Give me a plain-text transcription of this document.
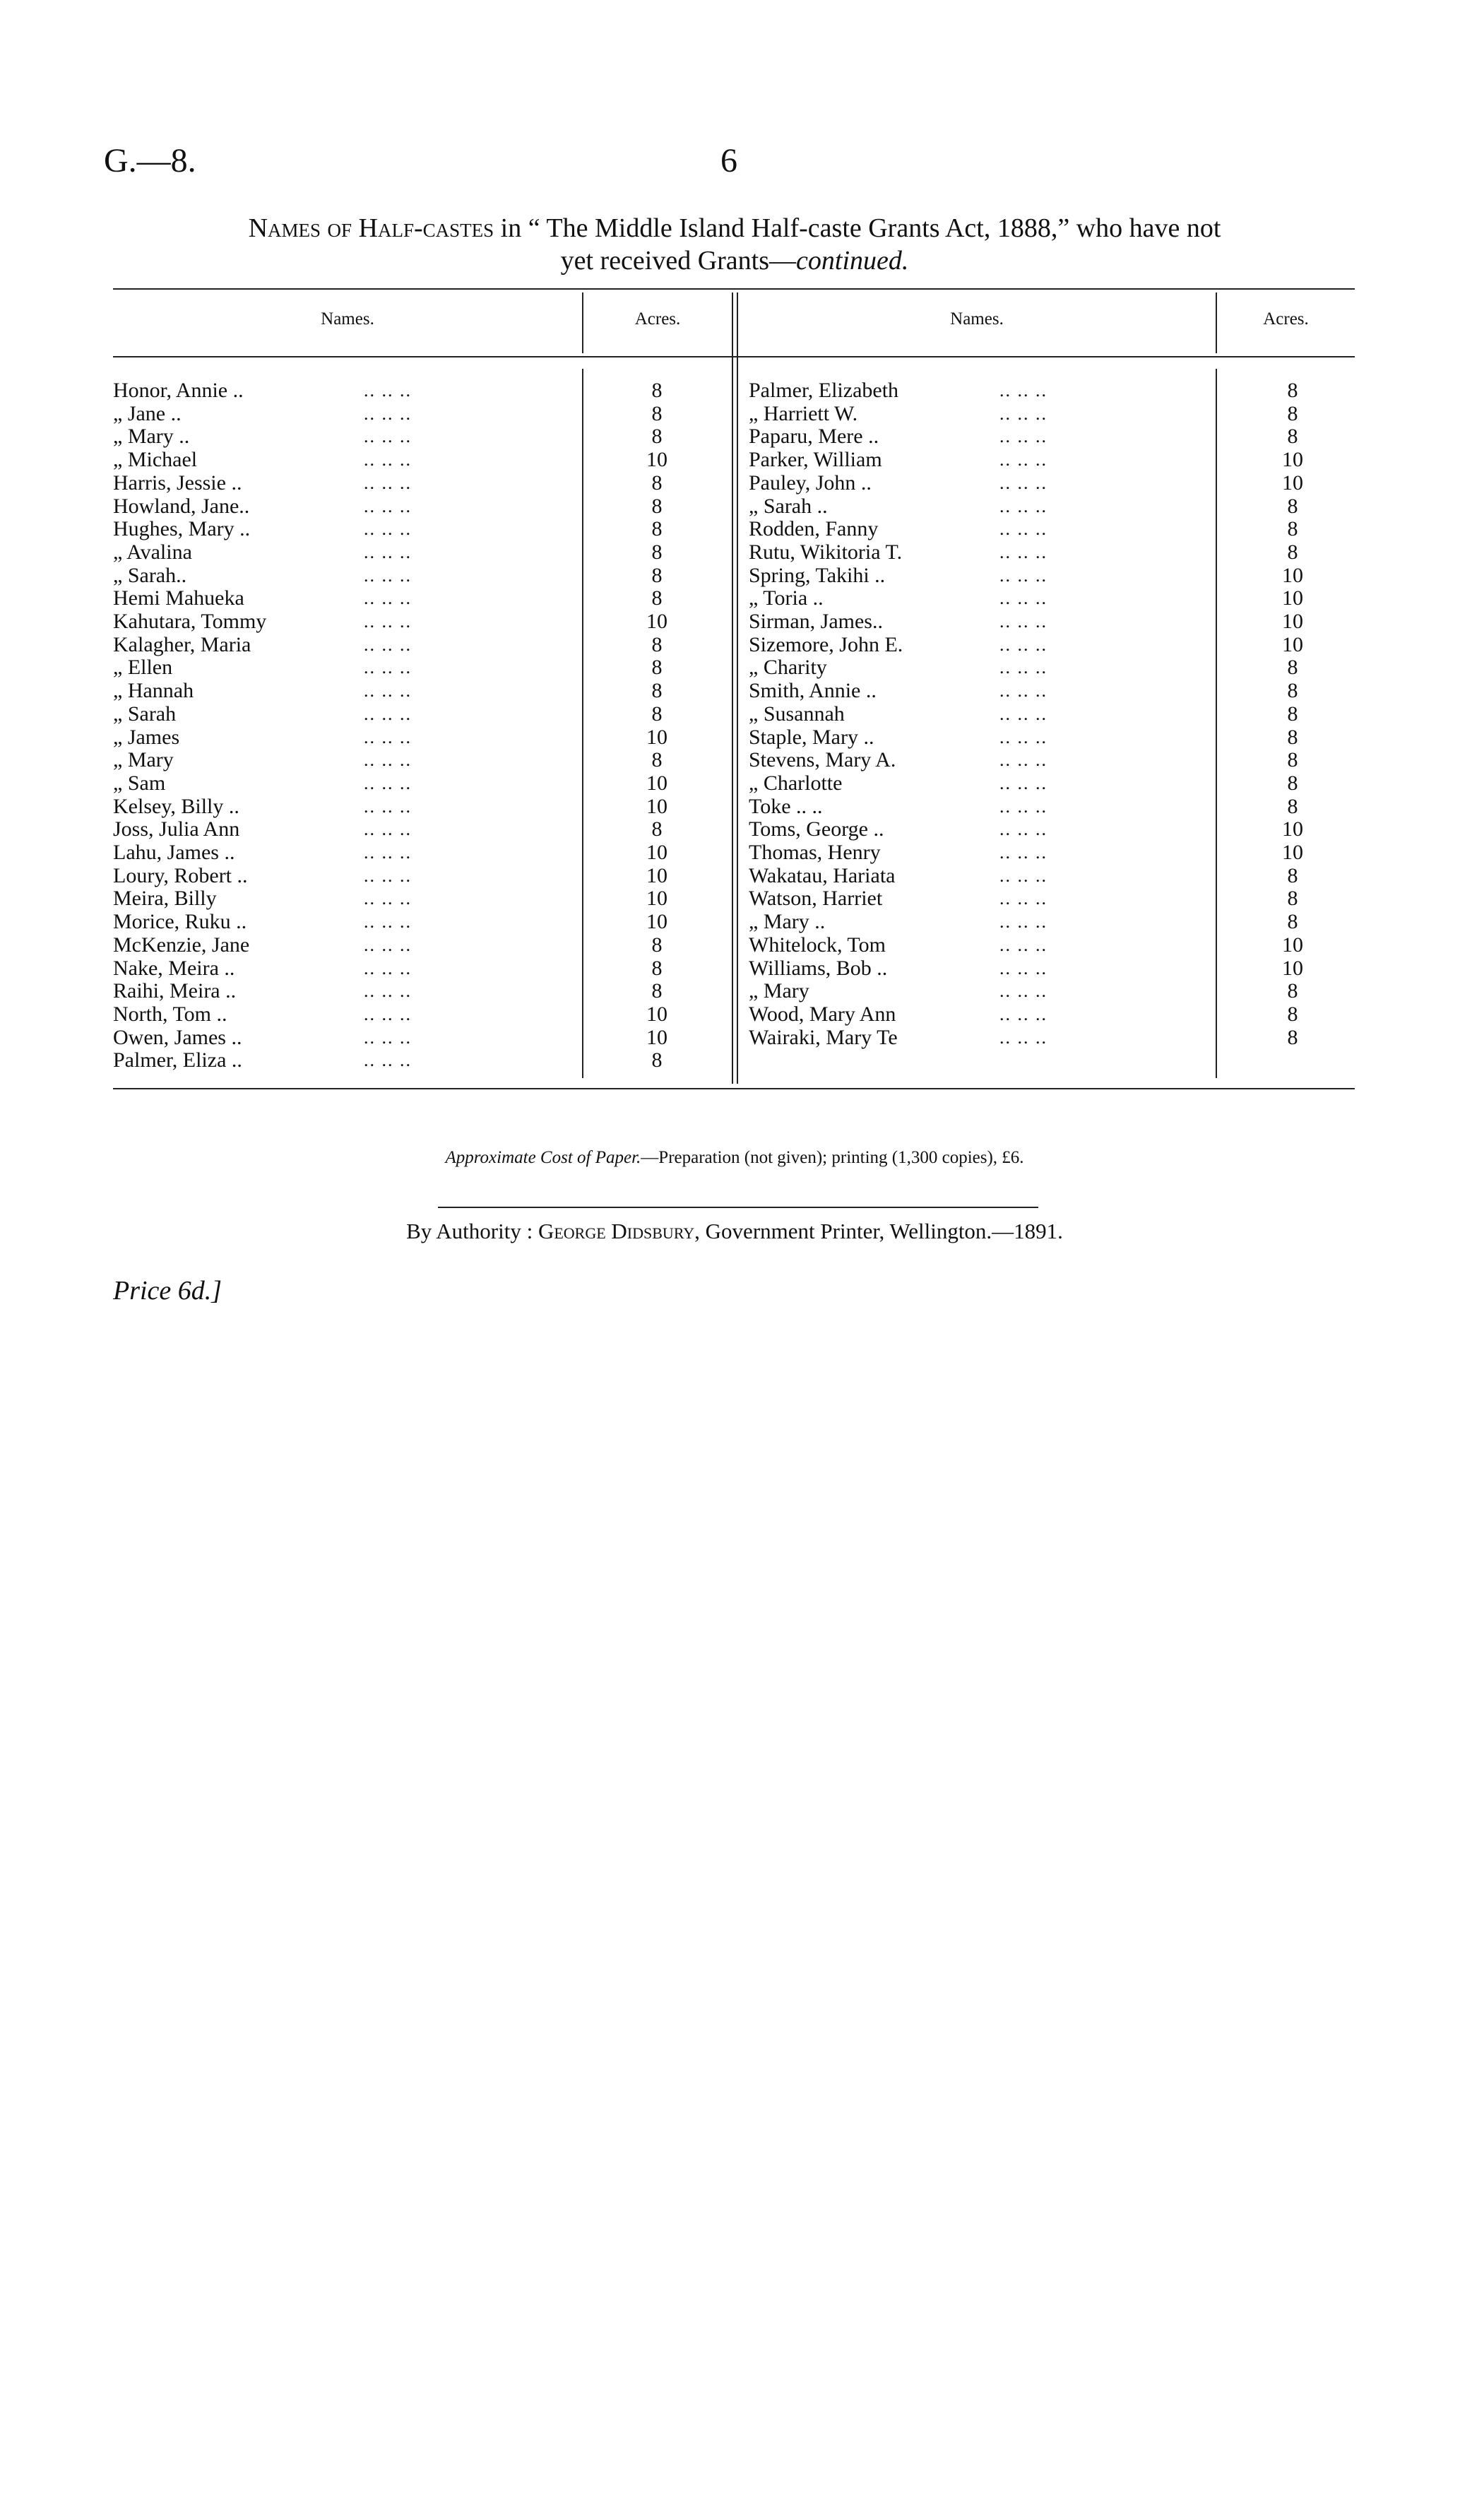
G.—8.	6
Names of Half-castes in “ The Middle Island Half-caste Grants Act, 1888,” who have not
yet received Grants—continued.
Names.	Acres.	Names.	Acres.
Honor, Annie ..	.. .. ..	8
„ Jane ..	.. .. ..	8
„ Mary ..	.. .. ..	8
„ Michael	.. .. ..	10
Harris, Jessie ..	.. .. ..	8
Howland, Jane..	.. .. ..	8
Hughes, Mary ..	.. .. ..	8
„ Avalina	.. .. ..	8
„ Sarah..	.. .. ..	8
Hemi Mahueka	.. .. ..	8
Kahutara, Tommy	.. .. ..	10
Kalagher, Maria	.. .. ..	8
„ Ellen	.. .. ..	8
„ Hannah	.. .. ..	8
„ Sarah	.. .. ..	8
„ James	.. .. ..	10
„ Mary	.. .. ..	8
„ Sam	.. .. ..	10
Kelsey, Billy ..	.. .. ..	10
Joss, Julia Ann	.. .. ..	8
Lahu, James ..	.. .. ..	10
Loury, Robert ..	.. .. ..	10
Meira, Billy	.. .. ..	10
Morice, Ruku ..	.. .. ..	10
McKenzie, Jane	.. .. ..	8
Nake, Meira ..	.. .. ..	8
Raihi, Meira ..	.. .. ..	8
North, Tom ..	.. .. ..	10
Owen, James ..	.. .. ..	10
Palmer, Eliza ..	.. .. ..	8
Palmer, Elizabeth	.. .. ..	8
„ Harriett W.	.. .. ..	8
Paparu, Mere ..	.. .. ..	8
Parker, William	.. .. ..	10
Pauley, John ..	.. .. ..	10
„ Sarah ..	.. .. ..	8
Rodden, Fanny	.. .. ..	8
Rutu, Wikitoria T.	.. .. ..	8
Spring, Takihi ..	.. .. ..	10
„ Toria ..	.. .. ..	10
Sirman, James..	.. .. ..	10
Sizemore, John E.	.. .. ..	10
„ Charity	.. .. ..	8
Smith, Annie ..	.. .. ..	8
„ Susannah	.. .. ..	8
Staple, Mary ..	.. .. ..	8
Stevens, Mary A.	.. .. ..	8
„ Charlotte	.. .. ..	8
Toke .. ..	.. .. ..	8
Toms, George ..	.. .. ..	10
Thomas, Henry	.. .. ..	10
Wakatau, Hariata	.. .. ..	8
Watson, Harriet	.. .. ..	8
„ Mary ..	.. .. ..	8
Whitelock, Tom	.. .. ..	10
Williams, Bob ..	.. .. ..	10
„ Mary	.. .. ..	8
Wood, Mary Ann	.. .. ..	8
Wairaki, Mary Te	.. .. ..	8
Approximate Cost of Paper.—Preparation (not given); printing (1,300 copies), £6.
By Authority : George Didsbury, Government Printer, Wellington.—1891.
Price 6d.]
